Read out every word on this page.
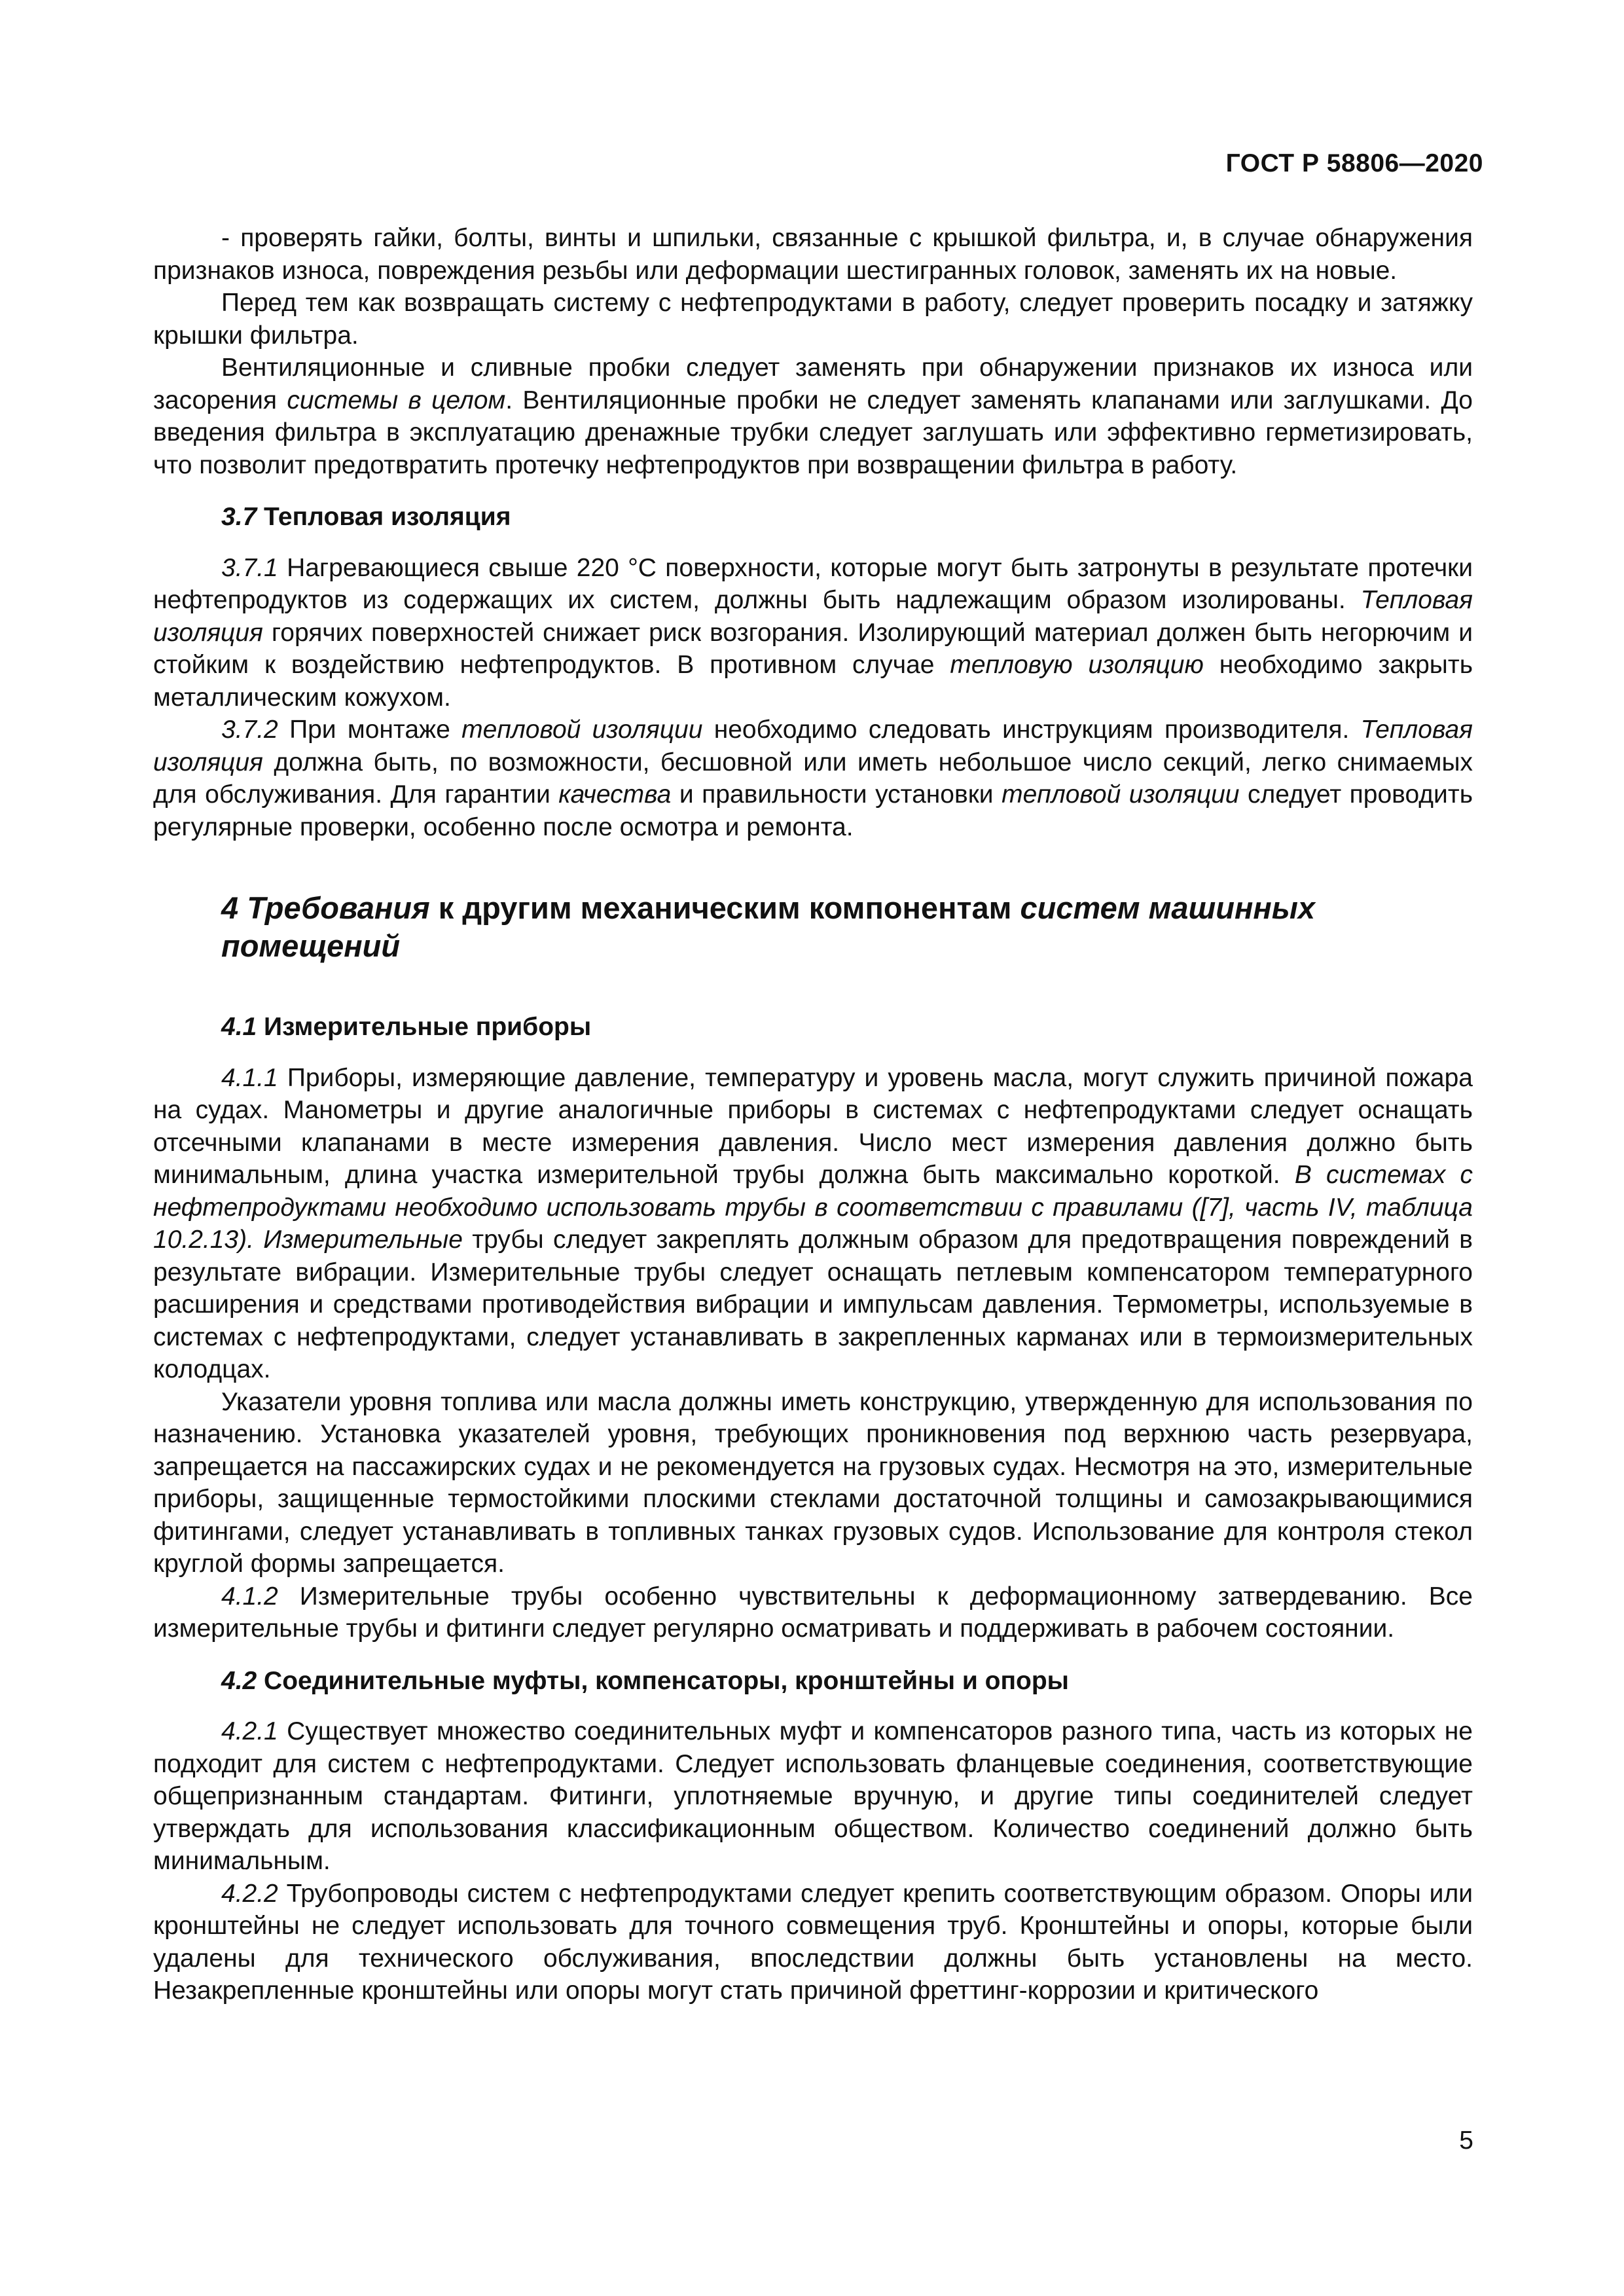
ГОСТ Р 58806—2020

- проверять гайки, болты, винты и шпильки, связанные с крышкой фильтра, и, в случае обнаружения признаков износа, повреждения резьбы или деформации шестигранных головок, заменять их на новые.

Перед тем как возвращать систему с нефтепродуктами в работу, следует проверить посадку и затяжку крышки фильтра.

Вентиляционные и сливные пробки следует заменять при обнаружении признаков их износа или засорения системы в целом. Вентиляционные пробки не следует заменять клапанами или заглушками. До введения фильтра в эксплуатацию дренажные трубки следует заглушать или эффективно герметизировать, что позволит предотвратить протечку нефтепродуктов при возвращении фильтра в работу.

3.7 Тепловая изоляция

3.7.1 Нагревающиеся свыше 220 °C поверхности, которые могут быть затронуты в результате протечки нефтепродуктов из содержащих их систем, должны быть надлежащим образом изолированы. Тепловая изоляция горячих поверхностей снижает риск возгорания. Изолирующий материал должен быть негорючим и стойким к воздействию нефтепродуктов. В противном случае тепловую изоляцию необходимо закрыть металлическим кожухом.

3.7.2 При монтаже тепловой изоляции необходимо следовать инструкциям производителя. Тепловая изоляция должна быть, по возможности, бесшовной или иметь небольшое число секций, легко снимаемых для обслуживания. Для гарантии качества и правильности установки тепловой изоляции следует проводить регулярные проверки, особенно после осмотра и ремонта.

4 Требования к другим механическим компонентам систем машинных помещений
4.1 Измерительные приборы

4.1.1 Приборы, измеряющие давление, температуру и уровень масла, могут служить причиной пожара на судах. Манометры и другие аналогичные приборы в системах с нефтепродуктами следует оснащать отсечными клапанами в месте измерения давления. Число мест измерения давления должно быть минимальным, длина участка измерительной трубы должна быть максимально короткой. В системах с нефтепродуктами необходимо использовать трубы в соответствии с правилами ([7], часть IV, таблица 10.2.13). Измерительные трубы следует закреплять должным образом для предотвращения повреждений в результате вибрации. Измерительные трубы следует оснащать петлевым компенсатором температурного расширения и средствами противодействия вибрации и импульсам давления. Термометры, используемые в системах с нефтепродуктами, следует устанавливать в закрепленных карманах или в термоизмерительных колодцах.

Указатели уровня топлива или масла должны иметь конструкцию, утвержденную для использования по назначению. Установка указателей уровня, требующих проникновения под верхнюю часть резервуара, запрещается на пассажирских судах и не рекомендуется на грузовых судах. Несмотря на это, измерительные приборы, защищенные термостойкими плоскими стеклами достаточной толщины и самозакрывающимися фитингами, следует устанавливать в топливных танках грузовых судов. Использование для контроля стекол круглой формы запрещается.

4.1.2 Измерительные трубы особенно чувствительны к деформационному затвердеванию. Все измерительные трубы и фитинги следует регулярно осматривать и поддерживать в рабочем состоянии.

4.2 Соединительные муфты, компенсаторы, кронштейны и опоры

4.2.1 Существует множество соединительных муфт и компенсаторов разного типа, часть из которых не подходит для систем с нефтепродуктами. Следует использовать фланцевые соединения, соответствующие общепризнанным стандартам. Фитинги, уплотняемые вручную, и другие типы соединителей следует утверждать для использования классификационным обществом. Количество соединений должно быть минимальным.

4.2.2 Трубопроводы систем с нефтепродуктами следует крепить соответствующим образом. Опоры или кронштейны не следует использовать для точного совмещения труб. Кронштейны и опоры, которые были удалены для технического обслуживания, впоследствии должны быть установлены на место. Незакрепленные кронштейны или опоры могут стать причиной фреттинг-коррозии и критического

5
